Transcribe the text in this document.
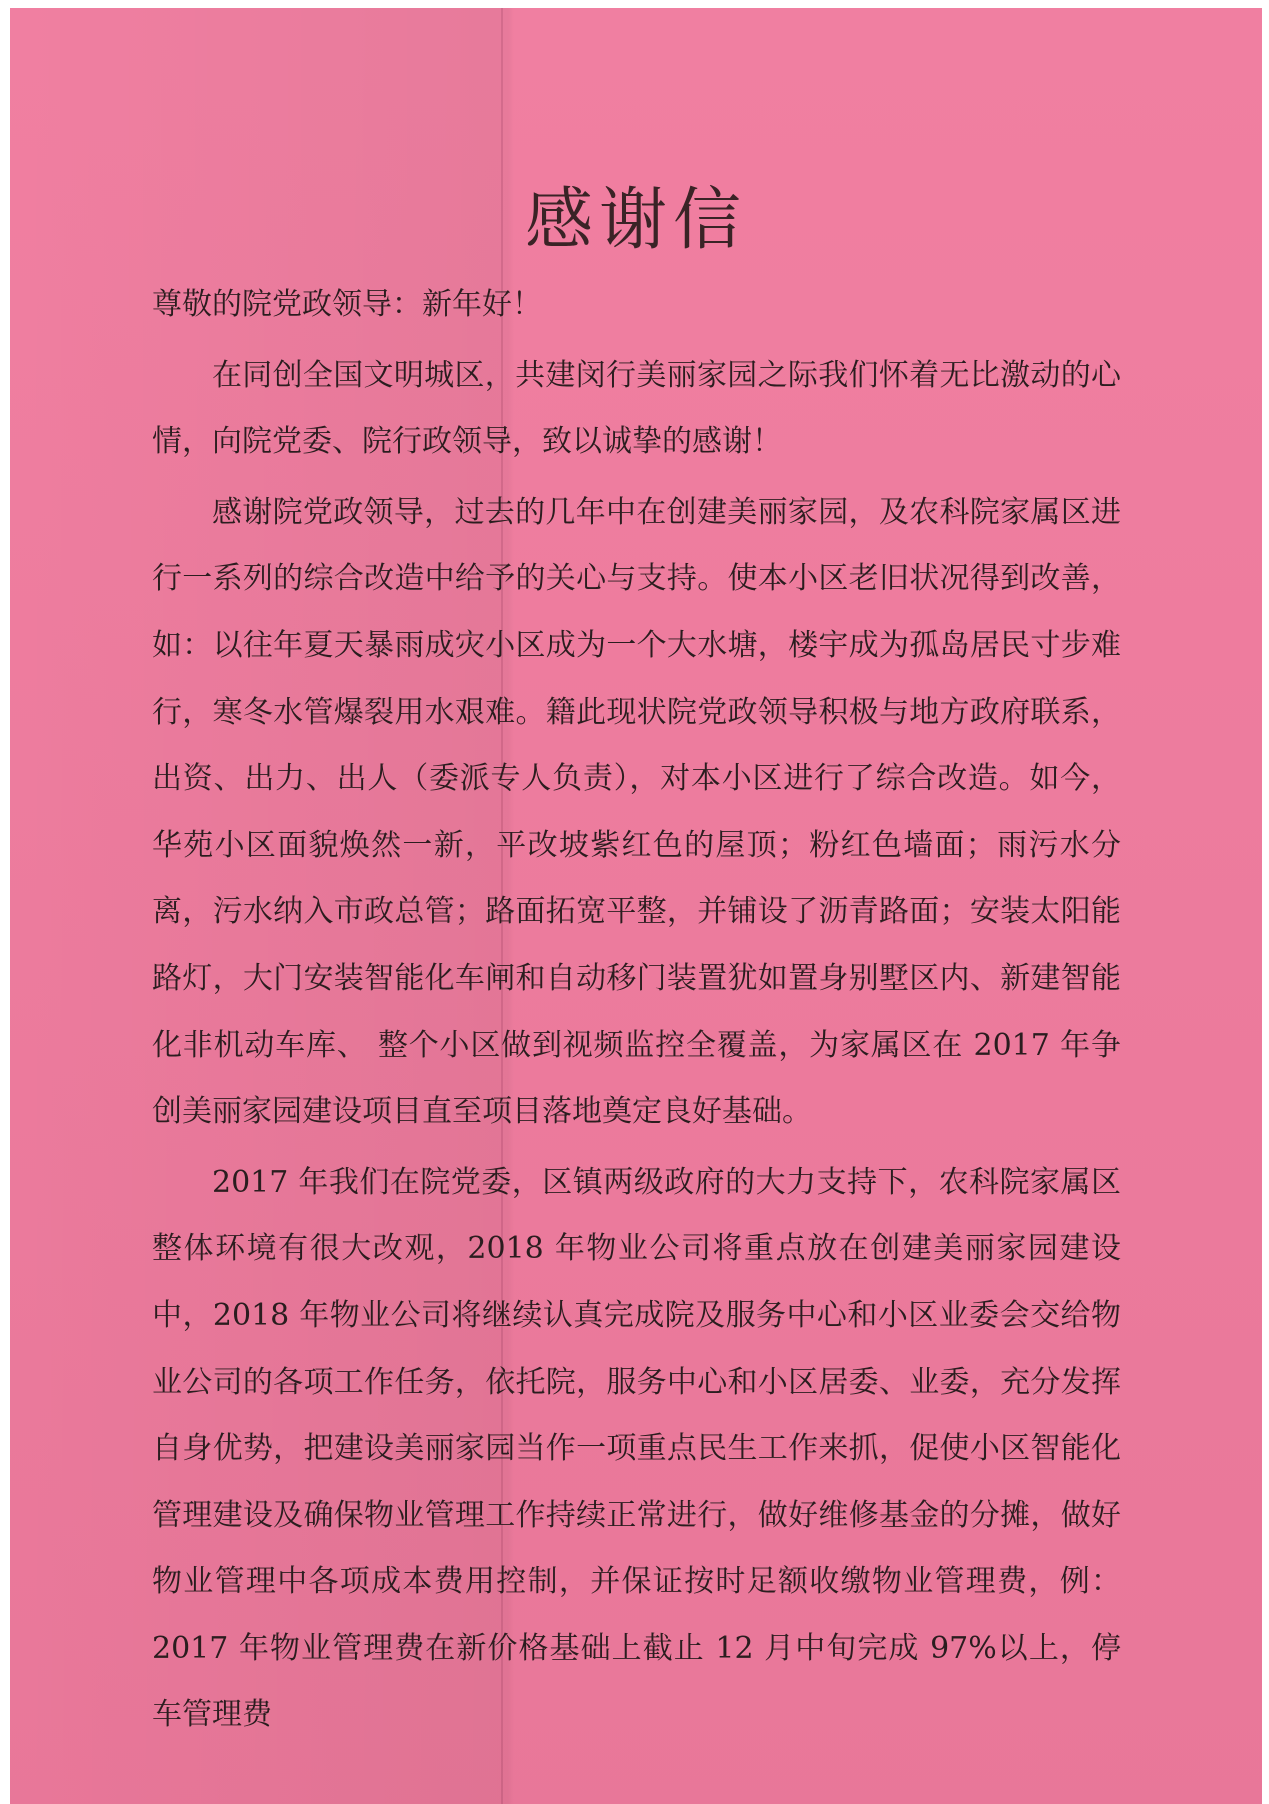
感谢信

尊敬的院党政领导：新年好！

在同创全国文明城区，共建闵行美丽家园之际我们怀着无比激动的心情，向院党委、院行政领导，致以诚挚的感谢！

感谢院党政领导，过去的几年中在创建美丽家园，及农科院家属区进行一系列的综合改造中给予的关心与支持。使本小区老旧状况得到改善，如：以往年夏天暴雨成灾小区成为一个大水塘，楼宇成为孤岛居民寸步难行，寒冬水管爆裂用水艰难。籍此现状院党政领导积极与地方政府联系，出资、出力、出人（委派专人负责），对本小区进行了综合改造。如今，华苑小区面貌焕然一新，平改坡紫红色的屋顶；粉红色墙面；雨污水分离，污水纳入市政总管；路面拓宽平整，并铺设了沥青路面；安装太阳能路灯，大门安装智能化车闸和自动移门装置犹如置身别墅区内、新建智能化非机动车库、 整个小区做到视频监控全覆盖，为家属区在 2017 年争创美丽家园建设项目直至项目落地奠定良好基础。

2017 年我们在院党委，区镇两级政府的大力支持下，农科院家属区整体环境有很大改观，2018 年物业公司将重点放在创建美丽家园建设中，2018 年物业公司将继续认真完成院及服务中心和小区业委会交给物业公司的各项工作任务，依托院，服务中心和小区居委、业委，充分发挥自身优势，把建设美丽家园当作一项重点民生工作来抓，促使小区智能化管理建设及确保物业管理工作持续正常进行，做好维修基金的分摊，做好物业管理中各项成本费用控制，并保证按时足额收缴物业管理费，例：2017 年物业管理费在新价格基础上截止 12 月中旬完成 97%以上，停车管理费
